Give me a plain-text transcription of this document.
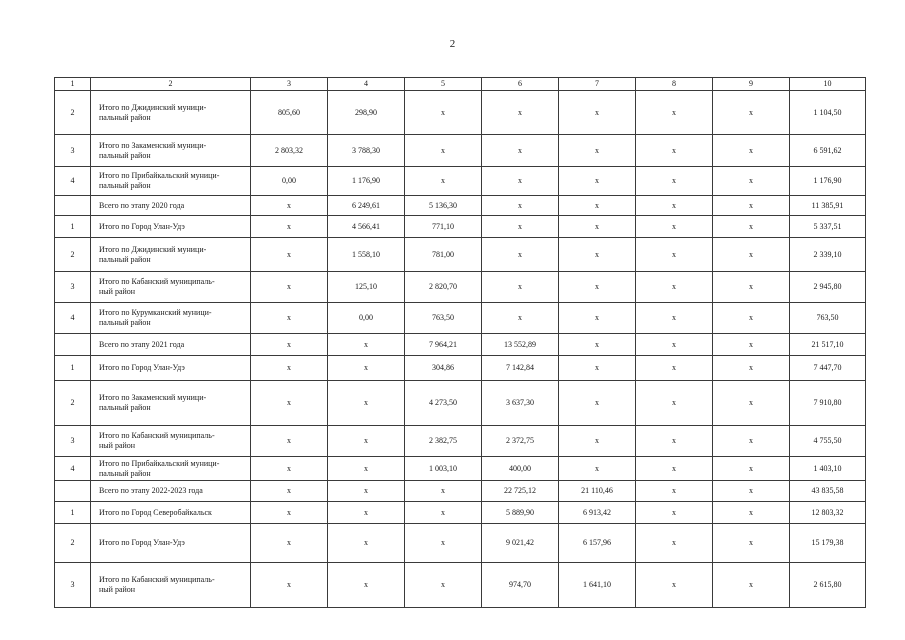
2
1	2	3	4	5	6	7	8	9	10
2	Итого по Джидинский муници-
пальный район	805,60	298,90	х	х	х	х	х	1 104,50
3	Итого по Закаменский муници-
пальный район	2 803,32	3 788,30	х	х	х	х	х	6 591,62
4	Итого по Прибайкальский муници-
пальный район	0,00	1 176,90	х	х	х	х	х	1 176,90
	Всего по этапу 2020 года	х	6 249,61	5 136,30	х	х	х	х	11 385,91
1	Итого по Город Улан-Удэ	х	4 566,41	771,10	х	х	х	х	5 337,51
2	Итого по Джидинский муници-
пальный район	х	1 558,10	781,00	х	х	х	х	2 339,10
3	Итого по Кабанский муниципаль-
ный район	х	125,10	2 820,70	х	х	х	х	2 945,80
4	Итого по Курумканский муници-
пальный район	х	0,00	763,50	х	х	х	х	763,50
	Всего по этапу 2021 года	х	х	7 964,21	13 552,89	х	х	х	21 517,10
1	Итого по Город Улан-Удэ	х	х	304,86	7 142,84	х	х	х	7 447,70
2	Итого по Закаменский муници-
пальный район	х	х	4 273,50	3 637,30	х	х	х	7 910,80
3	Итого по Кабанский муниципаль-
ный район	х	х	2 382,75	2 372,75	х	х	х	4 755,50
4	Итого по Прибайкальский муници-
пальный район	х	х	1 003,10	400,00	х	х	х	1 403,10
	Всего по этапу 2022-2023 года	х	х	х	22 725,12	21 110,46	х	х	43 835,58
1	Итого по Город Северобайкальск	х	х	х	5 889,90	6 913,42	х	х	12 803,32
2	Итого по Город Улан-Удэ	х	х	х	9 021,42	6 157,96	х	х	15 179,38
3	Итого по Кабанский муниципаль-
ный район	х	х	х	974,70	1 641,10	х	х	2 615,80
